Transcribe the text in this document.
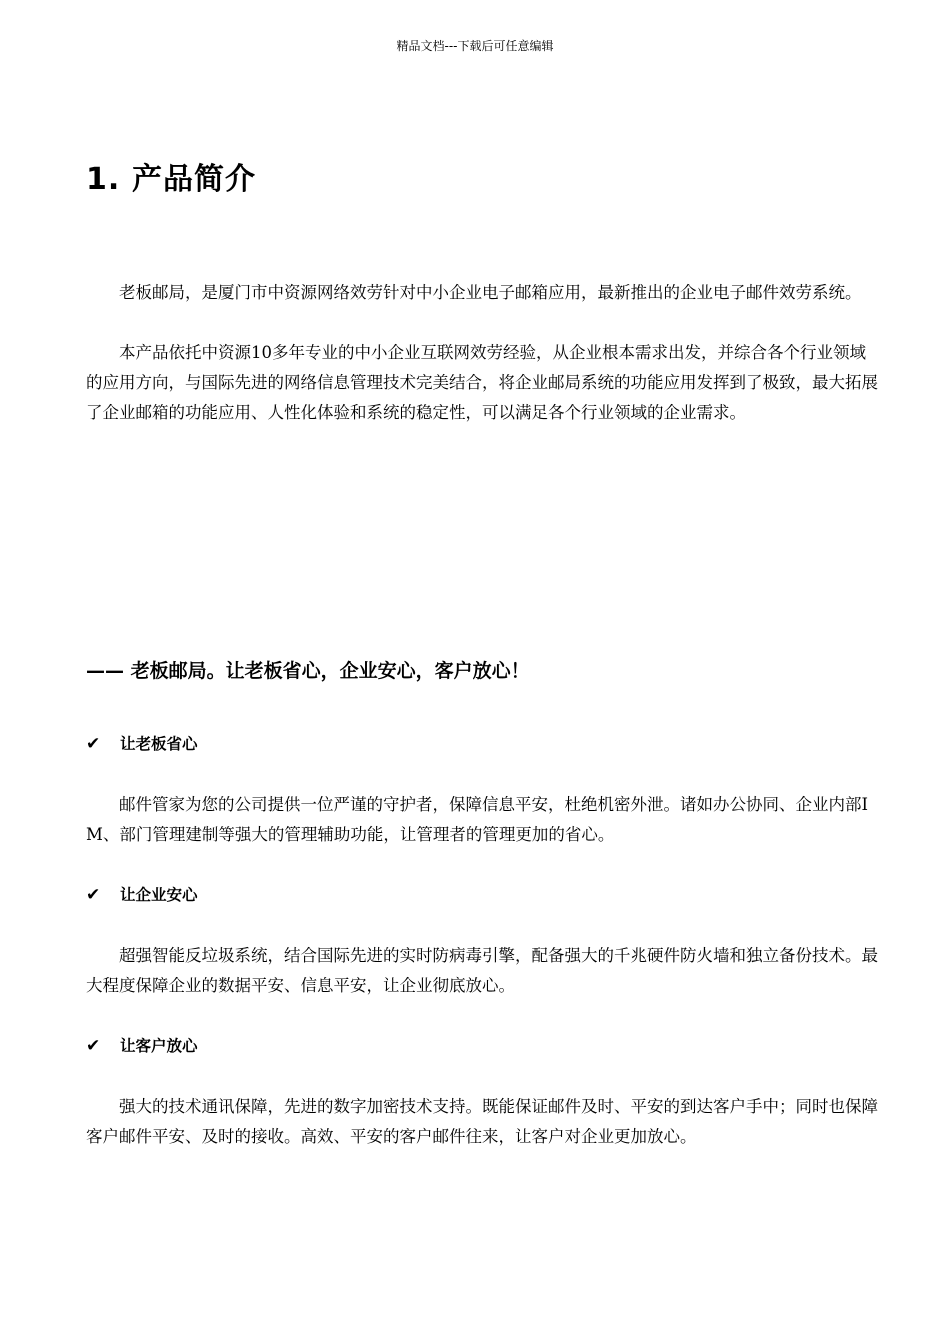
精品文档---下载后可任意编辑
1. 产品简介

老板邮局，是厦门市中资源网络效劳针对中小企业电子邮箱应用，最新推出的企业电子邮件效劳系统。

本产品依托中资源10多年专业的中小企业互联网效劳经验，从企业根本需求出发，并综合各个行业领域的应用方向，与国际先进的网络信息管理技术完美结合，将企业邮局系统的功能应用发挥到了极致，最大拓展了企业邮箱的功能应用、人性化体验和系统的稳定性，可以满足各个行业领域的企业需求。

—— 老板邮局。让老板省心，企业安心，客户放心！

✔ 让老板省心

邮件管家为您的公司提供一位严谨的守护者，保障信息平安，杜绝机密外泄。诸如办公协同、企业内部IM、部门管理建制等强大的管理辅助功能，让管理者的管理更加的省心。

✔ 让企业安心

超强智能反垃圾系统，结合国际先进的实时防病毒引擎，配备强大的千兆硬件防火墙和独立备份技术。最大程度保障企业的数据平安、信息平安，让企业彻底放心。

✔ 让客户放心

强大的技术通讯保障，先进的数字加密技术支持。既能保证邮件及时、平安的到达客户手中；同时也保障客户邮件平安、及时的接收。高效、平安的客户邮件往来，让客户对企业更加放心。
